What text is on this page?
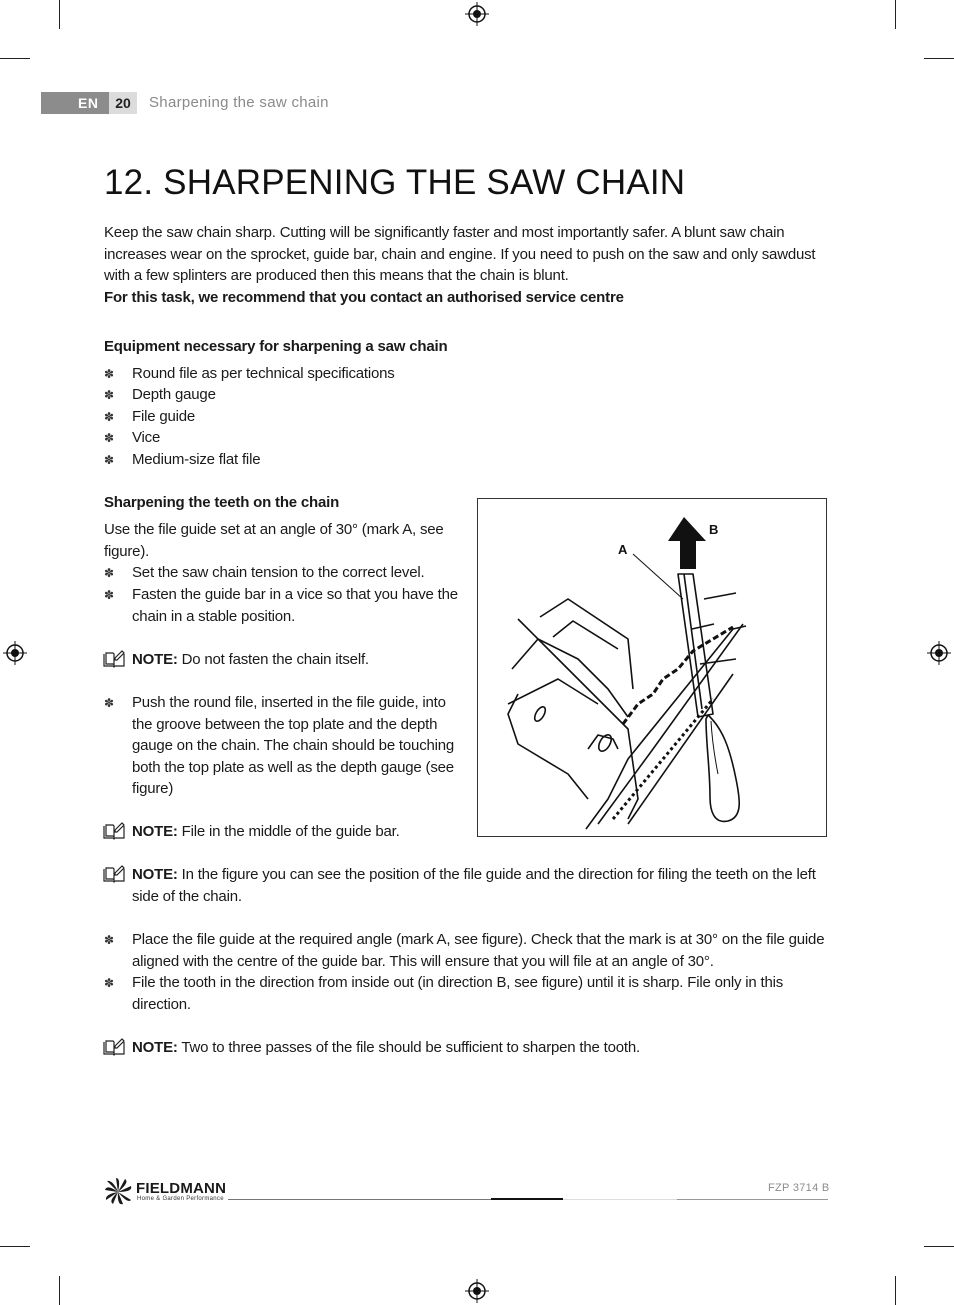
EN	20	Sharpening the saw chain
12. SHARPENING THE SAW CHAIN
Keep the saw chain sharp. Cutting will be significantly faster and most importantly safer. A blunt saw chain
increases wear on the sprocket, guide bar, chain and engine. If you need to push on the saw and only sawdust
with a few splinters are produced then this means that the chain is blunt.
For this task, we recommend that you contact an authorised service centre
Equipment necessary for sharpening a saw chain
✽ Round file as per technical specifications
✽ Depth gauge
✽ File guide
✽ Vice
✽ Medium-size flat file
Sharpening the teeth on the chain
Use the file guide set at an angle of 30° (mark A, see
figure).
✽ Set the saw chain tension to the correct level.
✽ Fasten the guide bar in a vice so that you have the
chain in a stable position.
NOTE: Do not fasten the chain itself.
✽ Push the round file, inserted in the file guide, into
the groove between the top plate and the depth
gauge on the chain. The chain should be touching
both the top plate as well as the depth gauge (see
figure)
NOTE: File in the middle of the guide bar.
A
B
NOTE: In the figure you can see the position of the file guide and the direction for filing the teeth on the left
side of the chain.
✽ Place the file guide at the required angle (mark A, see figure). Check that the mark is at 30° on the file guide
aligned with the centre of the guide bar. This will ensure that you will file at an angle of 30°.
✽ File the tooth in the direction from inside out (in direction B, see figure) until it is sharp. File only in this
direction.
NOTE: Two to three passes of the file should be sufficient to sharpen the tooth.
FIELDMANN
Home & Garden Performance
FZP 3714 B
